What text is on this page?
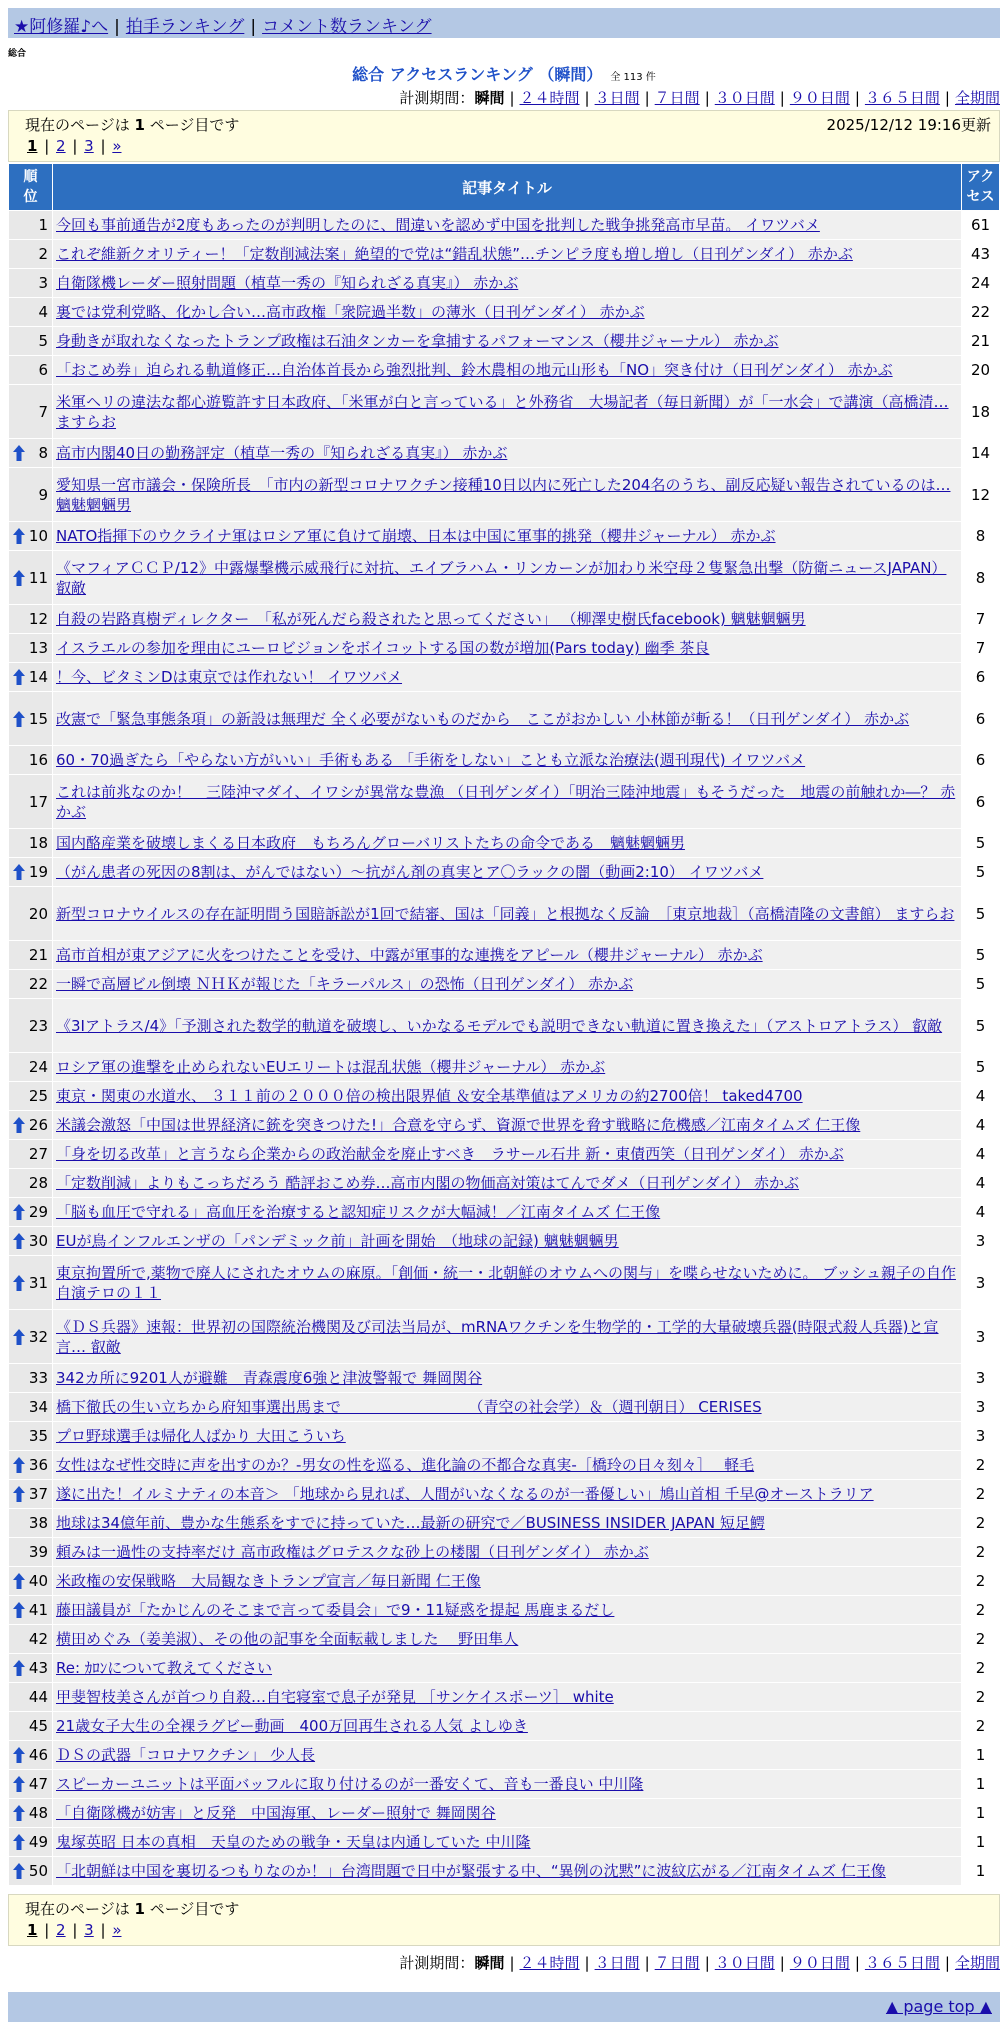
★阿修羅♪へ | 拍手ランキング | コメント数ランキング
総合
総合 アクセスランキング （瞬間） 全 113 件
計測期間：瞬間 | ２４時間 | ３日間 | ７日間 | ３０日間 | ９０日間 | ３６５日間 | 全期間
現在のページは 1 ページ目です	2025/12/12 19:16更新
1 | 2 | 3 | »
順位	記事タイトル	アクセス
1	今回も事前通告が2度もあったのが判明したのに、間違いを認めず中国を批判した戦争挑発高市早苗。 イワツバメ	61
2	これぞ維新クオリティー！「定数削減法案」絶望的で党は“錯乱状態”…チンピラ度も増し増し（日刊ゲンダイ） 赤かぶ	43
3	自衛隊機レーダー照射問題（植草一秀の『知られざる真実』） 赤かぶ	24
4	裏では党利党略、化かし合い…高市政権「衆院過半数」の薄氷（日刊ゲンダイ） 赤かぶ	22
5	身動きが取れなくなったトランプ政権は石油タンカーを拿捕するパフォーマンス（櫻井ジャーナル） 赤かぶ	21
6	「おこめ券」迫られる軌道修正…自治体首長から強烈批判、鈴木農相の地元山形も「NO」突き付け（日刊ゲンダイ） 赤かぶ	20
7	米軍ヘリの違法な都心遊覧許す日本政府、「米軍が白と言っている」と外務省　大場記者（毎日新聞）が「一水会」で講演（高橋清… ますらお	18

8	高市内閣40日の勤務評定（植草一秀の『知られざる真実』） 赤かぶ	14
9	愛知県一宮市議会・保険所長　「市内の新型コロナワクチン接種10日以内に死亡した204名のうち、副反応疑い報告されているのは… 魑魅魍魎男	12

10	NATO指揮下のウクライナ軍はロシア軍に負けて崩壊、日本は中国に軍事的挑発（櫻井ジャーナル） 赤かぶ	8

11	《マフィアＣＣＰ/12》中露爆撃機示威飛行に対抗、エイブラハム・リンカーンが加わり米空母２隻緊急出撃（防衛ニュースJAPAN） 叡敵	8
12	自殺の岩路真樹ディレクター　「私が死んだら殺されたと思ってください」 （柳澤史樹氏facebook) 魑魅魍魎男	7
13	イスラエルの参加を理由にユーロビジョンをボイコットする国の数が増加(Pars today) 幽季 茶良	7

14	！今、ビタミンDは東京では作れない！ イワツバメ	6

15	改憲で「緊急事態条項」の新設は無理だ 全く必要がないものだから　ここがおかしい 小林節が斬る！（日刊ゲンダイ） 赤かぶ	6
16	60・70過ぎたら「やらない方がいい」手術もある 「手術をしない」ことも立派な治療法(週刊現代) イワツバメ	6
17	これは前兆なのか！　三陸沖マダイ、イワシが異常な豊漁 （日刊ゲンダイ）「明治三陸沖地震」もそうだった　地震の前触れか―？ 赤かぶ	6
18	国内酪産業を破壊しまくる日本政府　もちろんグローバリストたちの命令である　魑魅魍魎男	5

19	（がん患者の死因の8割は、がんではない）～抗がん剤の真実とア〇ラックの闇（動画2:10） イワツバメ	5
20	新型コロナウイルスの存在証明問う国賠訴訟が1回で結審、国は「同義」と根拠なく反論　［東京地裁］（高橋清隆の文書館） ますらお	5
21	高市首相が東アジアに火をつけたことを受け、中露が軍事的な連携をアピール（櫻井ジャーナル） 赤かぶ	5
22	一瞬で高層ビル倒壊 ＮＨＫが報じた「キラーパルス」の恐怖（日刊ゲンダイ） 赤かぶ	5
23	《3Iアトラス/4》「予測された数学的軌道を破壊し、いかなるモデルでも説明できない軌道に置き換えた」（アストロアトラス） 叡敵	5
24	ロシア軍の進撃を止められないEUエリートは混乱状態（櫻井ジャーナル） 赤かぶ	5
25	東京・関東の水道水、 ３１１前の２０００倍の検出限界値 ＆安全基準値はアメリカの約2700倍！ taked4700	4

26	米議会激怒「中国は世界経済に銃を突きつけた!」合意を守らず、資源で世界を脅す戦略に危機感／江南タイムズ 仁王像	4
27	「身を切る改革」と言うなら企業からの政治献金を廃止すべき　ラサール石井 新・東債西笑（日刊ゲンダイ） 赤かぶ	4
28	「定数削減」よりもこっちだろう 酷評おこめ券…高市内閣の物価高対策はてんでダメ（日刊ゲンダイ） 赤かぶ	4

29	「脳も血圧で守れる」高血圧を治療すると認知症リスクが大幅減！／江南タイムズ 仁王像	4

30	EUが鳥インフルエンザの「パンデミック前」計画を開始　（地球の記録) 魑魅魍魎男	3

31	東京拘置所で,薬物で廃人にされたオウムの麻原。「創価・統一・北朝鮮のオウムへの関与」を喋らせないために。 ブッシュ親子の自作自演テロの１１	3

32	《ＤＳ兵器》速報：世界初の国際統治機関及び司法当局が、mRNAワクチンを生物学的・工学的大量破壊兵器(時限式殺人兵器)と宣言… 叡敵	3
33	342カ所に9201人が避難　青森震度6強と津波警報で 舞岡関谷	3
34	橋下徹氏の生い立ちから府知事選出馬まで　　　　　　　　　（青空の社会学）＆（週刊朝日） CERISES	3
35	プロ野球選手は帰化人ばかり 大田こういち	3

36	女性はなぜ性交時に声を出すのか？-男女の性を巡る、進化論の不都合な真実-［橋玲の日々刻々］　 軽毛	2

37	遂に出た！イルミナティの本音＞ 「地球から見れば、人間がいなくなるのが一番優しい」鳩山首相 千早@オーストラリア	2
38	地球は34億年前、豊かな生態系をすでに持っていた…最新の研究で／BUSINESS INSIDER JAPAN 短足鰐	2
39	頼みは一過性の支持率だけ 高市政権はグロテスクな砂上の楼閣（日刊ゲンダイ） 赤かぶ	2

40	米政権の安保戦略　大局観なきトランプ宣言／毎日新聞 仁王像	2

41	藤田議員が「たかじんのそこまで言って委員会」で9・11疑惑を提起 馬鹿まるだし	2
42	横田めぐみ（姜美淑）、その他の記事を全面転載しました　 野田隼人	2

43	Re: ｶﾛﾝについて教えてください	2
44	甲斐智枝美さんが首つり自殺…自宅寝室で息子が発見 ［サンケイスポーツ］ white	2
45	21歳女子大生の全裸ラグビー動画　400万回再生される人気 よしゆき	2

46	ＤＳの武器「コロナワクチン」 少人長	1

47	スピーカーユニットは平面バッフルに取り付けるのが一番安くて、音も一番良い 中川隆	1

48	「自衛隊機が妨害」と反発　中国海軍、レーダー照射で 舞岡関谷	1

49	鬼塚英昭 日本の真相　天皇のための戦争・天皇は内通していた 中川隆	1

50	「北朝鮮は中国を裏切るつもりなのか！」台湾問題で日中が緊張する中、“異例の沈黙”に波紋広がる／江南タイムズ 仁王像	1
現在のページは 1 ページ目です
1 | 2 | 3 | »
計測期間：瞬間 | ２４時間 | ３日間 | ７日間 | ３０日間 | ９０日間 | ３６５日間 | 全期間
▲ page top ▲
